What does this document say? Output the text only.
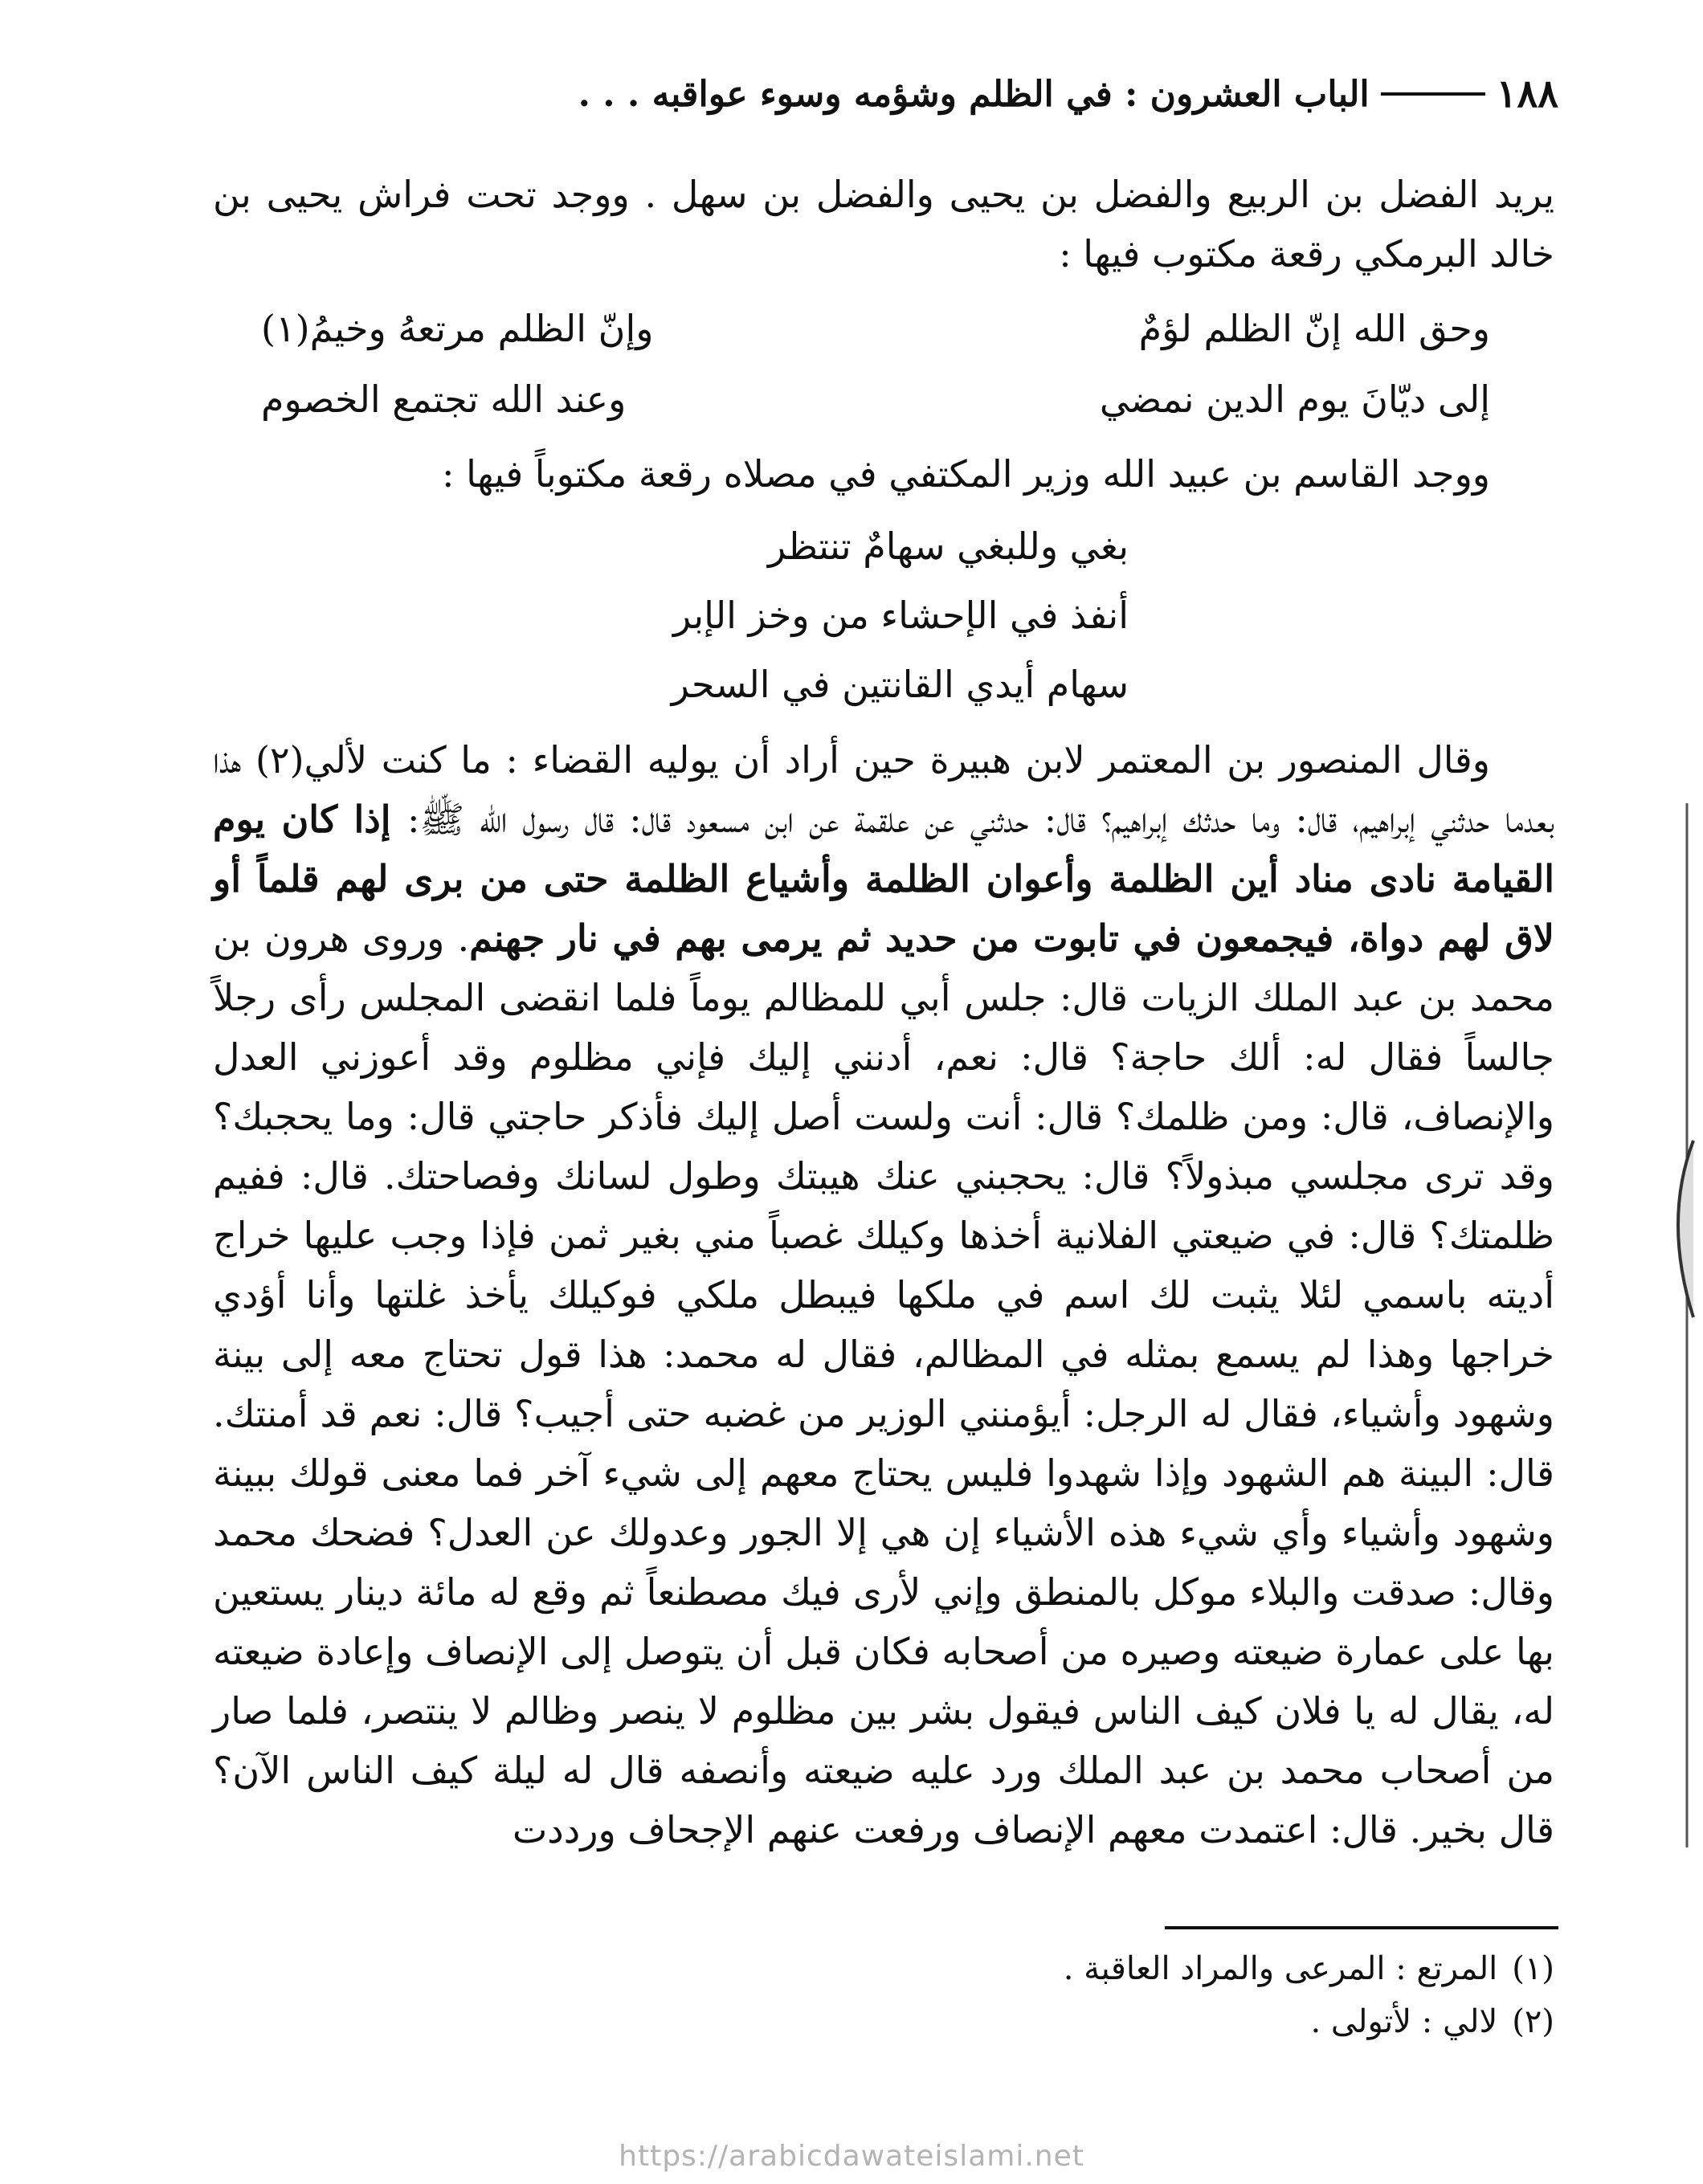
١٨٨
الباب العشرون : في الظلم وشؤمه وسوء عواقبه . . .

يريد الفضل بن الربيع والفضل بن يحيى والفضل بن سهل . ووجد تحت فراش يحيى بن خالد البرمكي رقعة مكتوب فيها :

وحق الله إنّ الظلم لؤمٌ
وإنّ الظلم مرتعهُ وخيمُ(١)
إلى ديّانَ يوم الدين نمضي
وعند الله تجتمع الخصوم

ووجد القاسم بن عبيد الله وزير المكتفي في مصلاه رقعة مكتوباً فيها :

بغي وللبغي سهامٌ تنتظر
أنفذ في الإحشاء من وخز الإبر
سهام أيدي القانتين في السحر

وقال المنصور بن المعتمر لابن هبيرة حين أراد أن يوليه القضاء : ما كنت لألي(٢) هذا بعدما حدثني إبراهيم، قال: وما حدثك إبراهيم؟ قال: حدثني عن علقمة عن ابن مسعود قال: قال رسول الله ﷺ: إذا كان يوم القيامة نادى مناد أين الظلمة وأعوان الظلمة وأشياع الظلمة حتى من برى لهم قلماً أو لاق لهم دواة، فيجمعون في تابوت من حديد ثم يرمى بهم في نار جهنم. وروى هرون بن محمد بن عبد الملك الزيات قال: جلس أبي للمظالم يوماً فلما انقضى المجلس رأى رجلاً جالساً فقال له: ألك حاجة؟ قال: نعم، أدنني إليك فإني مظلوم وقد أعوزني العدل والإنصاف، قال: ومن ظلمك؟ قال: أنت ولست أصل إليك فأذكر حاجتي قال: وما يحجبك؟ وقد ترى مجلسي مبذولاً؟ قال: يحجبني عنك هيبتك وطول لسانك وفصاحتك. قال: ففيم ظلمتك؟ قال: في ضيعتي الفلانية أخذها وكيلك غصباً مني بغير ثمن فإذا وجب عليها خراج أديته باسمي لئلا يثبت لك اسم في ملكها فيبطل ملكي فوكيلك يأخذ غلتها وأنا أؤدي خراجها وهذا لم يسمع بمثله في المظالم، فقال له محمد: هذا قول تحتاج معه إلى بينة وشهود وأشياء، فقال له الرجل: أيؤمنني الوزير من غضبه حتى أجيب؟ قال: نعم قد أمنتك. قال: البينة هم الشهود وإذا شهدوا فليس يحتاج معهم إلى شيء آخر فما معنى قولك ببينة وشهود وأشياء وأي شيء هذه الأشياء إن هي إلا الجور وعدولك عن العدل؟ فضحك محمد وقال: صدقت والبلاء موكل بالمنطق وإني لأرى فيك مصطنعاً ثم وقع له مائة دينار يستعين بها على عمارة ضيعته وصيره من أصحابه فكان قبل أن يتوصل إلى الإنصاف وإعادة ضيعته له، يقال له يا فلان كيف الناس فيقول بشر بين مظلوم لا ينصر وظالم لا ينتصر، فلما صار من أصحاب محمد بن عبد الملك ورد عليه ضيعته وأنصفه قال له ليلة كيف الناس الآن؟ قال بخير. قال: اعتمدت معهم الإنصاف ورفعت عنهم الإجحاف ورددت

(١)المرتع : المرعى والمراد العاقبة .
(٢)لالي : لأتولى .
https://arabicdawateislami.net
